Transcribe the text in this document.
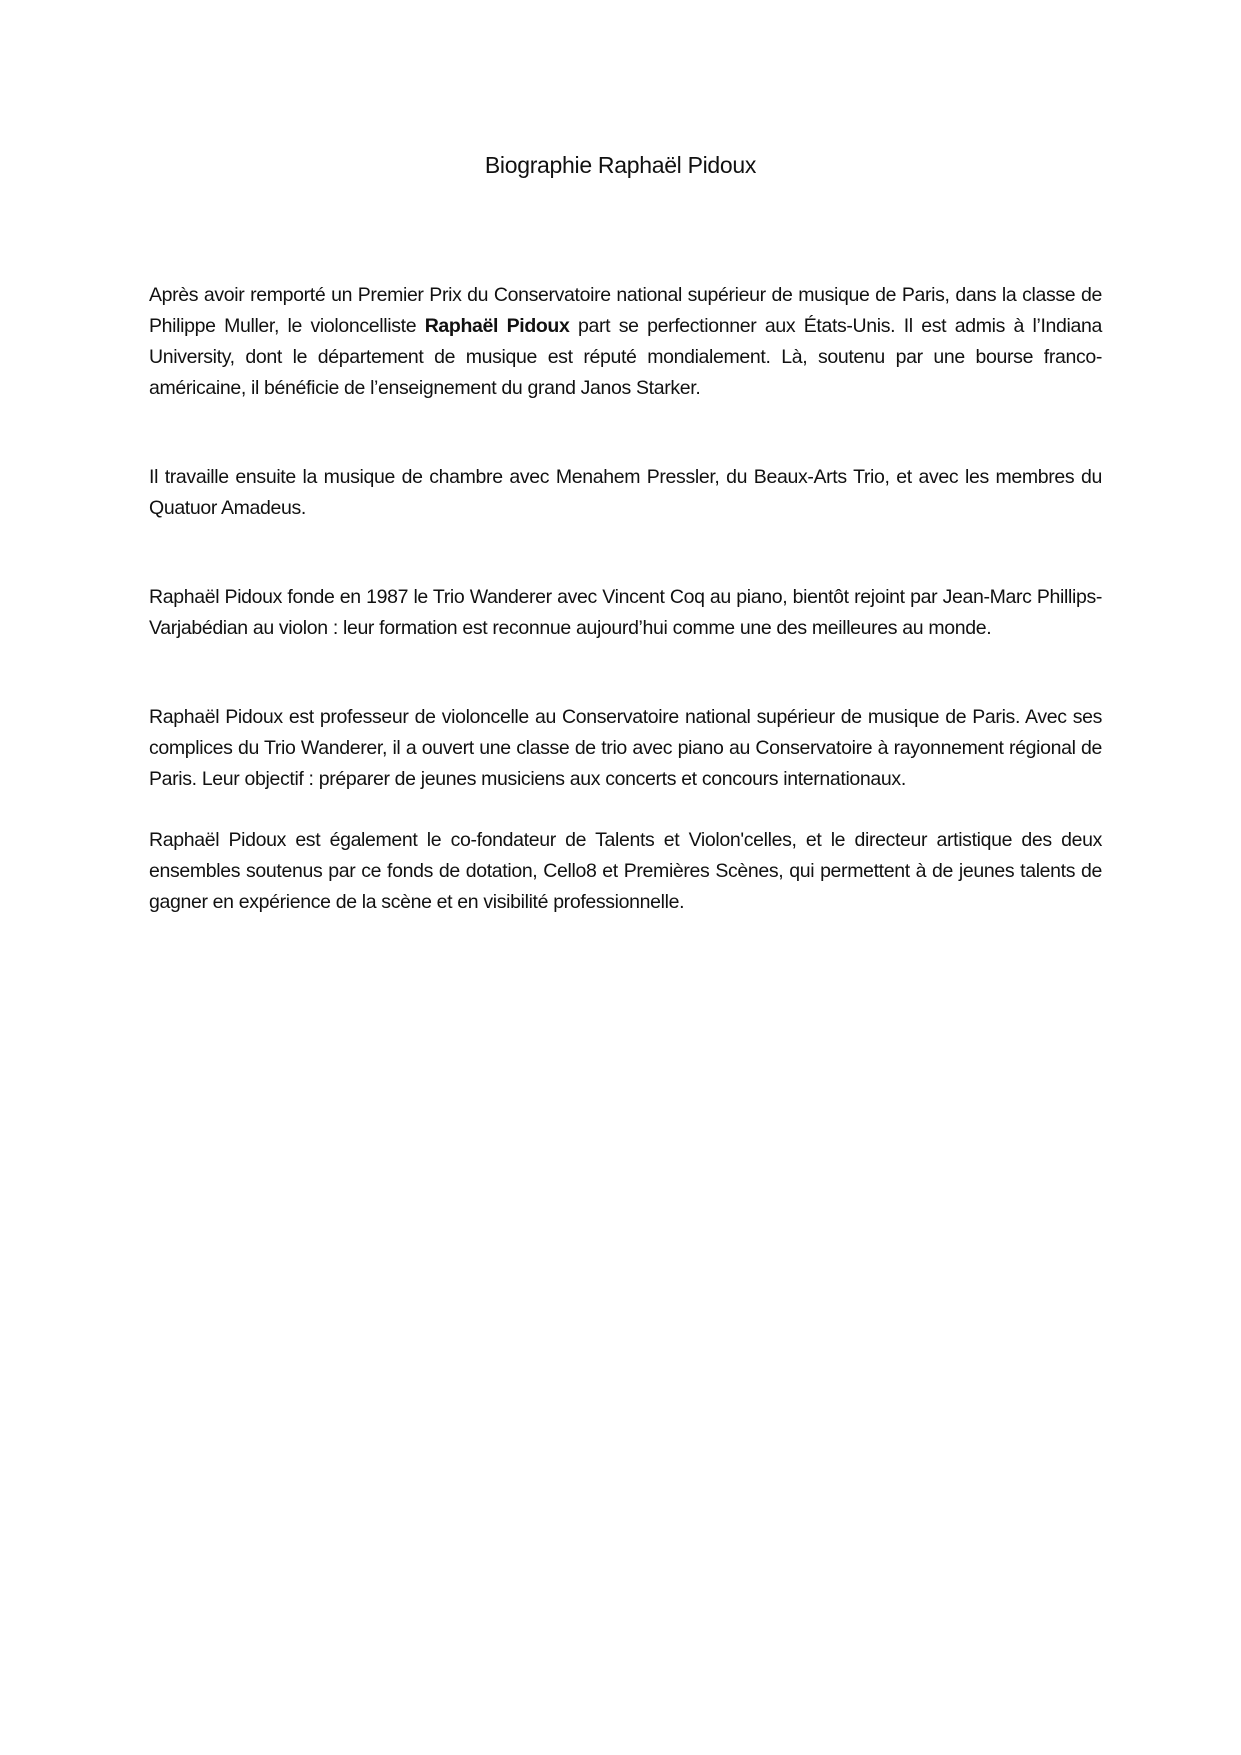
Biographie Raphaël Pidoux

Après avoir remporté un Premier Prix du Conservatoire national supérieur de musique de Paris, dans la classe de Philippe Muller, le violoncelliste Raphaël Pidoux part se perfectionner aux États-Unis. Il est admis à l’Indiana University, dont le département de musique est réputé mondialement. Là, soutenu par une bourse franco-américaine, il bénéficie de l’enseignement du grand Janos Starker.

Il travaille ensuite la musique de chambre avec Menahem Pressler, du Beaux-Arts Trio, et avec les membres du Quatuor Amadeus.

Raphaël Pidoux fonde en 1987 le Trio Wanderer avec Vincent Coq au piano, bientôt rejoint par Jean-Marc Phillips-Varjabédian au violon : leur formation est reconnue aujourd’hui comme une des meilleures au monde.

Raphaël Pidoux est professeur de violoncelle au Conservatoire national supérieur de musique de Paris. Avec ses complices du Trio Wanderer, il a ouvert une classe de trio avec piano au Conservatoire à rayonnement régional de Paris. Leur objectif : préparer de jeunes musiciens aux concerts et concours internationaux.

Raphaël Pidoux est également le co-fondateur de Talents et Violon'celles, et le directeur artistique des deux ensembles soutenus par ce fonds de dotation, Cello8 et Premières Scènes, qui permettent à de jeunes talents de gagner en expérience de la scène et en visibilité professionnelle.
